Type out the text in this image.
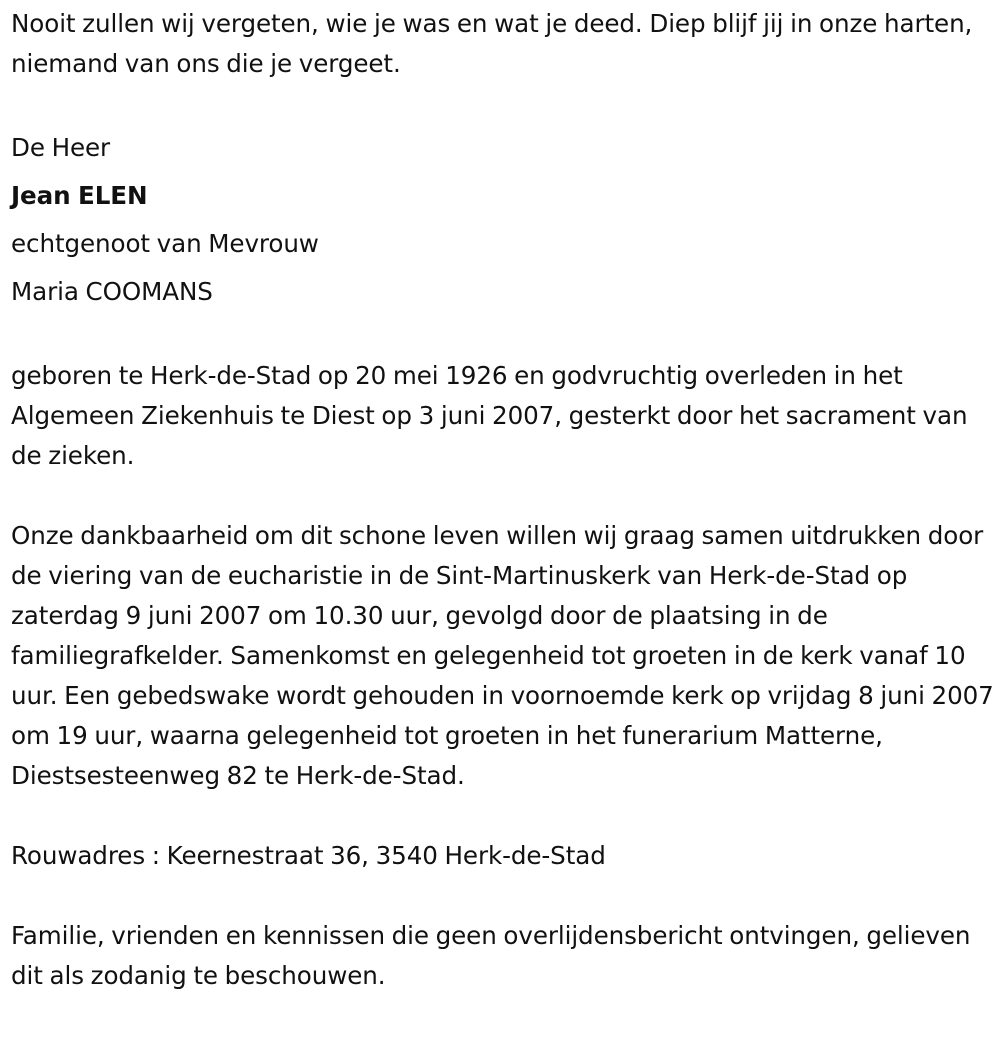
Nooit zullen wij vergeten, wie je was en wat je deed. Diep blijf jij in onze harten, niemand van ons die je vergeet.

De Heer

Jean ELEN

echtgenoot van Mevrouw

Maria COOMANS

geboren te Herk-de-Stad op 20 mei 1926 en godvruchtig overleden in het Algemeen Ziekenhuis te Diest op 3 juni 2007, gesterkt door het sacrament van de zieken.

Onze dankbaarheid om dit schone leven willen wij graag samen uitdrukken door de viering van de eucharistie in de Sint-Martinuskerk van Herk-de-Stad op zaterdag 9 juni 2007 om 10.30 uur, gevolgd door de plaatsing in de familiegrafkelder. Samenkomst en gelegenheid tot groeten in de kerk vanaf 10 uur. Een gebedswake wordt gehouden in voornoemde kerk op vrijdag 8 juni 2007 om 19 uur, waarna gelegenheid tot groeten in het funerarium Matterne, Diestsesteenweg 82 te Herk-de-Stad.

Rouwadres : Keernestraat 36, 3540 Herk-de-Stad

Familie, vrienden en kennissen die geen overlijdensbericht ontvingen, gelieven dit als zodanig te beschouwen.
